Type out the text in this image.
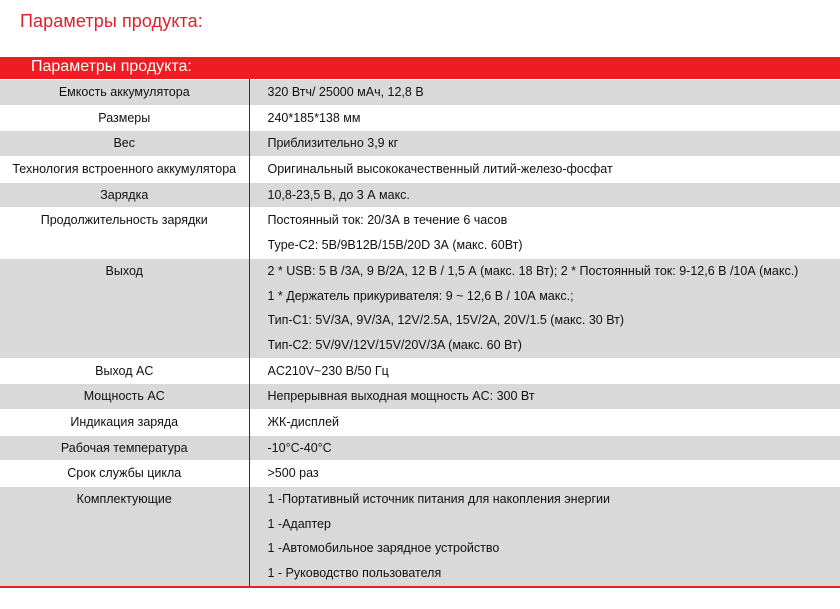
Параметры продукта:
Параметры продукта:
Емкость аккумулятора	320 Втч/ 25000 мАч, 12,8 В

Размеры	240*185*138 мм

Вес	Приблизительно 3,9 кг

Технология встроенного аккумулятора	Оригинальный высококачественный литий-железо-фосфат

Зарядка	10,8-23,5 В, до 3 А макс.

Продолжительность зарядки	Постоянный ток: 20/3А в течение 6 часов
Type-C2: 5В/9В12В/15В/20D 3А (макс. 60Вт)

Выход	2 * USB: 5 В /3А, 9 В/2А, 12 В / 1,5 А (макс. 18 Вт); 2 * Постоянный ток: 9-12,6 В /10А (макс.)
1 * Держатель прикуривателя: 9 ~ 12,6 В / 10А макс.;
Тип-C1: 5V/3A, 9V/3A, 12V/2.5A, 15V/2A, 20V/1.5 (макс. 30 Вт)
Тип-C2: 5V/9V/12V/15V/20V/3A (макс. 60 Вт)

Выход AC	AC210V~230 В/50 Гц

Мощность AC	Непрерывная выходная мощность AC: 300 Вт

Индикация заряда	ЖК-дисплей

Рабочая температура	-10°C-40°C

Срок службы цикла	>500 раз

Комплектующие	1 -Портативный источник питания для накопления энергии
1 -Адаптер
1 -Автомобильное зарядное устройство
1 - Руководство пользователя
